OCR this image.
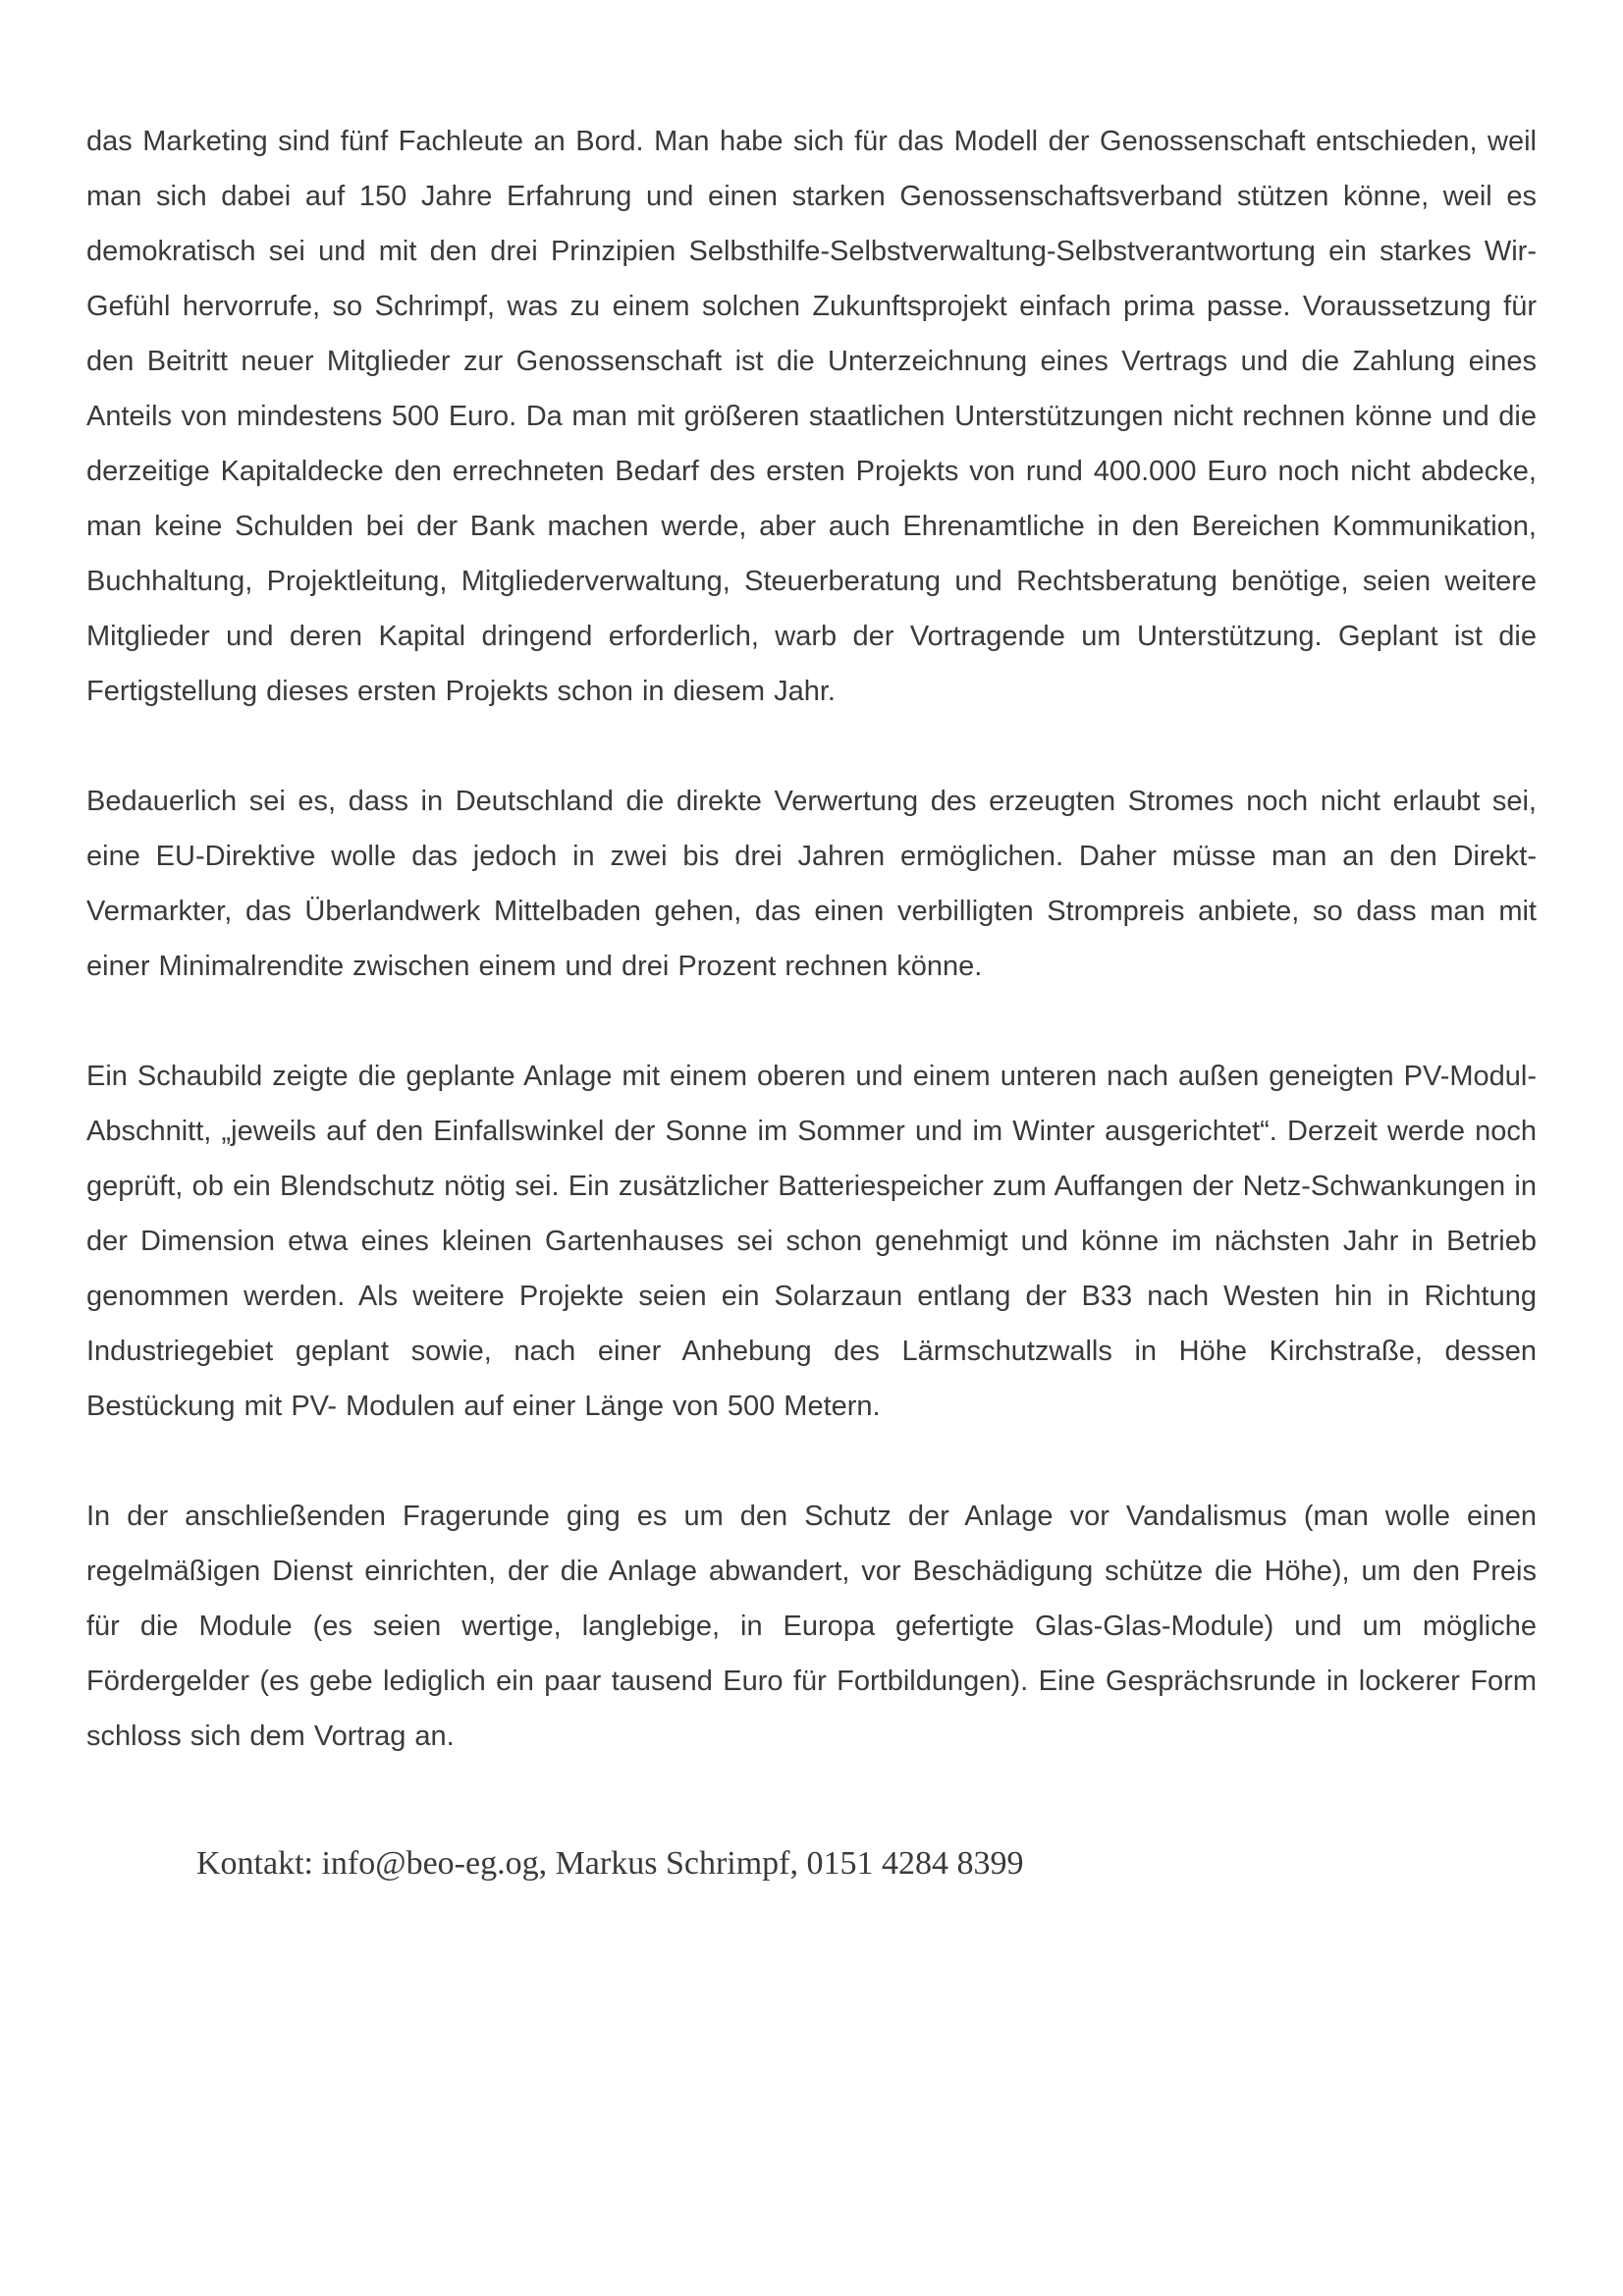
das Marketing sind fünf Fachleute an Bord. Man habe sich für das Modell der Genossenschaft entschieden, weil man sich dabei auf 150 Jahre Erfahrung und einen starken Genossenschaftsverband stützen könne, weil es demokratisch sei und mit den drei Prinzipien Selbsthilfe-Selbstverwaltung-Selbstverantwortung ein starkes Wir-Gefühl hervorrufe, so Schrimpf, was zu einem solchen Zukunftsprojekt einfach prima passe. Voraussetzung für den Beitritt neuer Mitglieder zur Genossenschaft ist die Unterzeichnung eines Vertrags und die Zahlung eines Anteils von mindestens 500 Euro. Da man mit größeren staatlichen Unterstützungen nicht rechnen könne und die derzeitige Kapitaldecke den errechneten Bedarf des ersten Projekts von rund 400.000 Euro noch nicht abdecke, man keine Schulden bei der Bank machen werde, aber auch Ehrenamtliche in den Bereichen Kommunikation, Buchhaltung, Projektleitung, Mitgliederverwaltung, Steuerberatung und Rechtsberatung benötige, seien weitere Mitglieder und deren Kapital dringend erforderlich, warb der Vortragende um Unterstützung. Geplant ist die Fertigstellung dieses ersten Projekts schon in diesem Jahr.

Bedauerlich sei es, dass in Deutschland die direkte Verwertung des erzeugten Stromes noch nicht erlaubt sei, eine EU-Direktive wolle das jedoch in zwei bis drei Jahren ermöglichen. Daher müsse man an den Direkt-Vermarkter, das Überlandwerk Mittelbaden gehen, das einen verbilligten Strompreis anbiete, so dass man mit einer Minimalrendite zwischen einem und drei Prozent rechnen könne.

Ein Schaubild zeigte die geplante Anlage mit einem oberen und einem unteren nach außen geneigten PV-Modul-Abschnitt, „jeweils auf den Einfallswinkel der Sonne im Sommer und im Winter ausgerichtet“. Derzeit werde noch geprüft, ob ein Blendschutz nötig sei. Ein zusätzlicher Batteriespeicher zum Auffangen der Netz-Schwankungen in der Dimension etwa eines kleinen Gartenhauses sei schon genehmigt und könne im nächsten Jahr in Betrieb genommen werden. Als weitere Projekte seien ein Solarzaun entlang der B33 nach Westen hin in Richtung Industriegebiet geplant sowie, nach einer Anhebung des Lärmschutzwalls in Höhe Kirchstraße, dessen Bestückung mit PV- Modulen auf einer Länge von 500 Metern.

In der anschließenden Fragerunde ging es um den Schutz der Anlage vor Vandalismus (man wolle einen regelmäßigen Dienst einrichten, der die Anlage abwandert, vor Beschädigung schütze die Höhe), um den Preis für die Module (es seien wertige, langlebige, in Europa gefertigte Glas-Glas-Module) und um mögliche Fördergelder (es gebe lediglich ein paar tausend Euro für Fortbildungen). Eine Gesprächsrunde in lockerer Form schloss sich dem Vortrag an.

Kontakt: info@beo-eg.og, Markus Schrimpf, 0151 4284 8399
